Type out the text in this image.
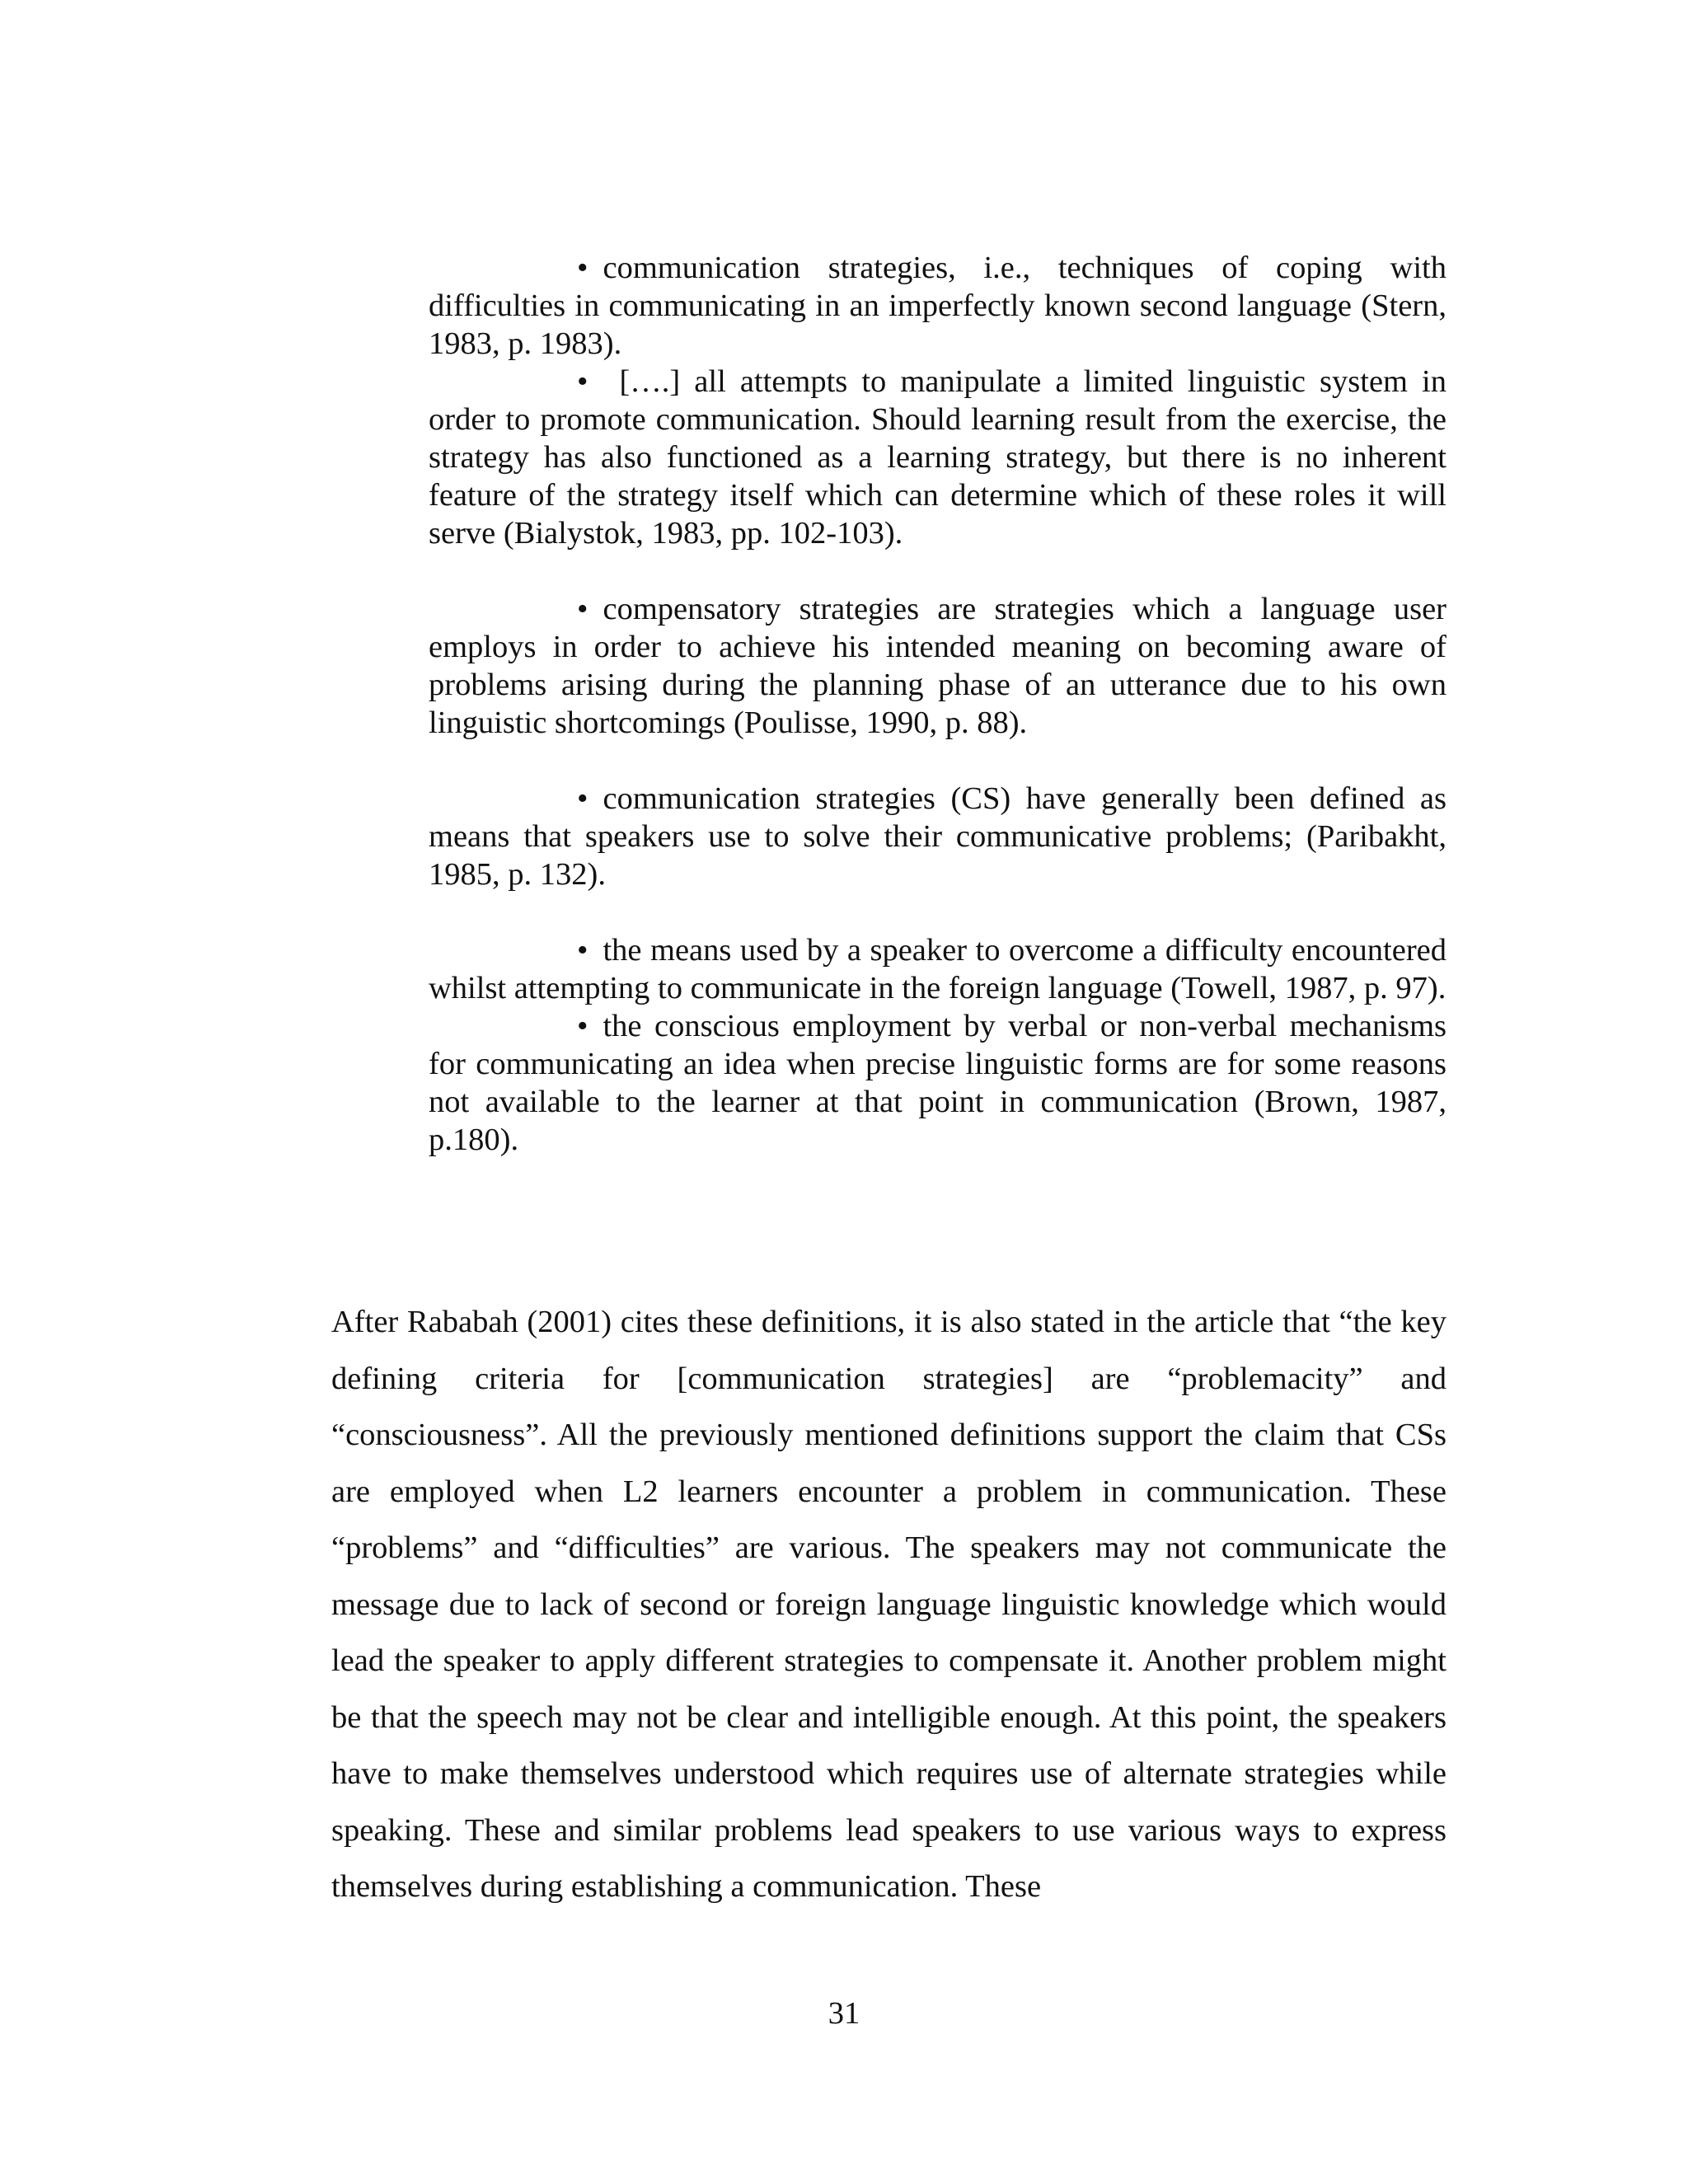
• communication strategies, i.e., techniques of coping with difficulties in communicating in an imperfectly known second language (Stern, 1983, p. 1983).

• [….] all attempts to manipulate a limited linguistic system in order to promote communication. Should learning result from the exercise, the strategy has also functioned as a learning strategy, but there is no inherent feature of the strategy itself which can determine which of these roles it will serve (Bialystok, 1983, pp. 102-103).

• compensatory strategies are strategies which a language user employs in order to achieve his intended meaning on becoming aware of problems arising during the planning phase of an utterance due to his own linguistic shortcomings (Poulisse, 1990, p. 88).

• communication strategies (CS) have generally been defined as means that speakers use to solve their communicative problems; (Paribakht, 1985, p. 132).

• the means used by a speaker to overcome a difficulty encountered whilst attempting to communicate in the foreign language (Towell, 1987, p. 97).

• the conscious employment by verbal or non-verbal mechanisms for communicating an idea when precise linguistic forms are for some reasons not available to the learner at that point in communication (Brown, 1987, p.180).

After Rababah (2001) cites these definitions, it is also stated in the article that “the key defining criteria for [communication strategies] are “problemacity” and “consciousness”. All the previously mentioned definitions support the claim that CSs are employed when L2 learners encounter a problem in communication. These “problems” and “difficulties” are various. The speakers may not communicate the message due to lack of second or foreign language linguistic knowledge which would lead the speaker to apply different strategies to compensate it. Another problem might be that the speech may not be clear and intelligible enough. At this point, the speakers have to make themselves understood which requires use of alternate strategies while speaking. These and similar problems lead speakers to use various ways to express themselves during establishing a communication. These

31
